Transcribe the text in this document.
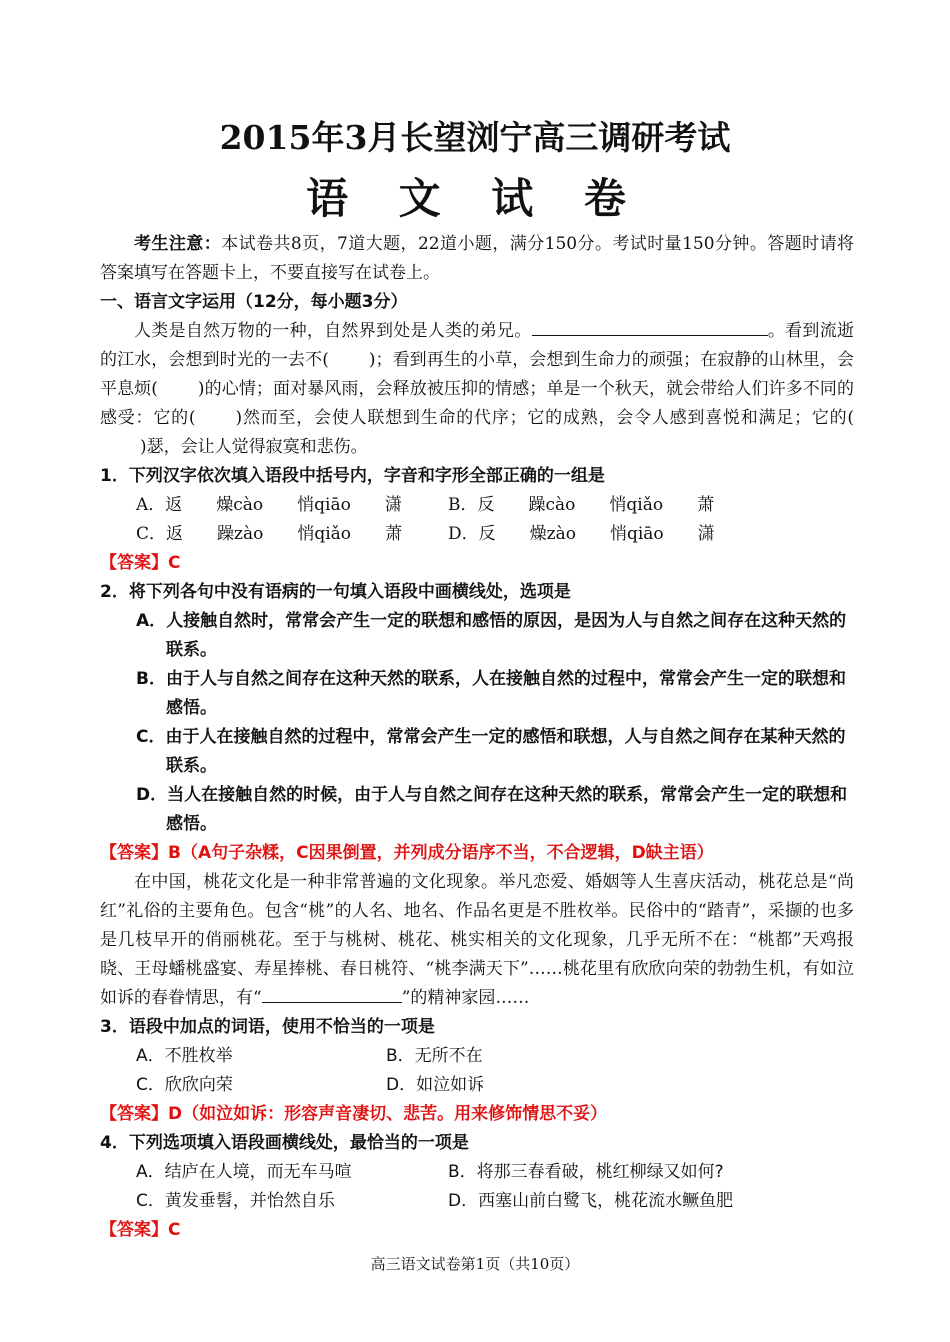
2015年3月长望浏宁高三调研考试
语 文 试 卷

考生注意：本试卷共8页，7道大题，22道小题，满分150分。考试时量150分钟。答题时请将答案填写在答题卡上，不要直接写在试卷上。

一、语言文字运用（12分，每小题3分）

人类是自然万物的一种，自然界到处是人类的弟兄。	。看到流逝的江水，会想到时光的一去不( )；看到再生的小草，会想到生命力的顽强；在寂静的山林里，会平息烦( )的心情；面对暴风雨，会释放被压抑的情感；单是一个秋天，就会带给人们许多不同的感受：它的( )然而至，会使人联想到生命的代序；它的成熟，会令人感到喜悦和满足；它的()瑟，会让人觉得寂寞和悲伤。

1．下列汉字依次填入语段中括号内，字音和字形全部正确的一组是

A．返　　燥cào　　悄qiāo　　潇	B．反　　躁cào　　悄qiǎo　　萧

C．返　　躁zào　　悄qiǎo　　萧	D．反　　燥zào　　悄qiāo　　潇

【答案】C

2．将下列各句中没有语病的一句填入语段中画横线处，选项是

A．人接触自然时，常常会产生一定的联想和感悟的原因，是因为人与自然之间存在这种天然的联系。

B．由于人与自然之间存在这种天然的联系，人在接触自然的过程中，常常会产生一定的联想和感悟。

C．由于人在接触自然的过程中，常常会产生一定的感悟和联想，人与自然之间存在某种天然的联系。

D．当人在接触自然的时候，由于人与自然之间存在这种天然的联系，常常会产生一定的联想和感悟。

【答案】B（A句子杂糅，C因果倒置，并列成分语序不当，不合逻辑，D缺主语）

在中国，桃花文化是一种非常普遍的文化现象。举凡恋爱、婚姻等人生喜庆活动，桃花总是“尚红”礼俗的主要角色。包含“桃”的人名、地名、作品名更是不胜枚举。民俗中的“踏青”，采撷的也多是几枝早开的俏丽桃花。至于与桃树、桃花、桃实相关的文化现象，几乎无所不在：“桃都”天鸡报晓、王母蟠桃盛宴、寿星捧桃、春日桃符、“桃李满天下”……桃花里有欣欣向荣的勃勃生机，有如泣如诉的春眷情思，有“	”的精神家园……

3．语段中加点的词语，使用不恰当的一项是

A．不胜枚举	B．无所不在

C．欣欣向荣	D．如泣如诉

【答案】D（如泣如诉：形容声音凄切、悲苦。用来修饰情思不妥）

4．下列选项填入语段画横线处，最恰当的一项是

A．结庐在人境，而无车马喧	B．将那三春看破，桃红柳绿又如何?

C．黄发垂髫，并怡然自乐	D．西塞山前白鹭飞，桃花流水鳜鱼肥

【答案】C

高三语文试卷第1页（共10页）
